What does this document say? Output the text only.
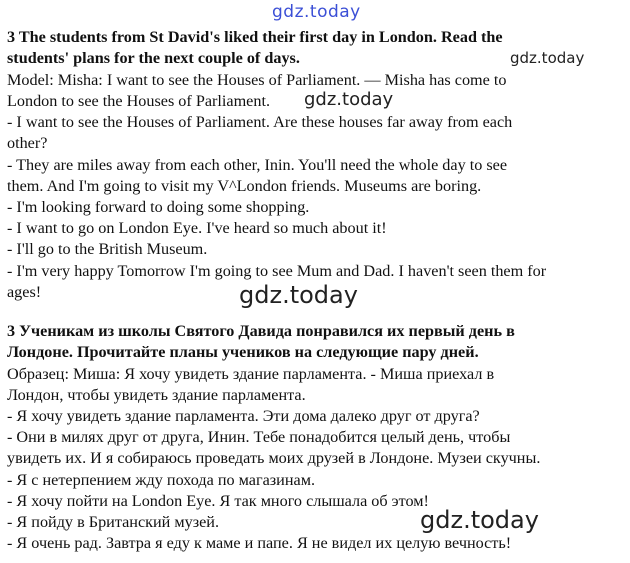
gdz.today
3 The students from St David's liked their first day in London. Read the
students' plans for the next couple of days.	gdz.today
Model: Misha: I want to see the Houses of Parliament. — Misha has come to
London to see the Houses of Parliament. gdz.today
- I want to see the Houses of Parliament. Are these houses far away from each
other?
- They are miles away from each other, Inin. You'll need the whole day to see
them. And I'm going to visit my V^London friends. Museums are boring.
- I'm looking forward to doing some shopping.
- I want to go on London Eye. I've heard so much about it!
- I'll go to the British Museum.
- I'm very happy Tomorrow I'm going to see Mum and Dad. I haven't seen them for
ages!	gdz.today
3 Ученикам из школы Святого Давида понравился их первый день в
Лондоне. Прочитайте планы учеников на следующие пару дней.
Образец: Миша: Я хочу увидеть здание парламента. - Миша приехал в
Лондон, чтобы увидеть здание парламента.
- Я хочу увидеть здание парламента. Эти дома далеко друг от друга?
- Они в милях друг от друга, Инин. Тебе понадобится целый день, чтобы
увидеть их. И я собираюсь проведать моих друзей в Лондоне. Музеи скучны.
- Я с нетерпением жду похода по магазинам.
- Я хочу пойти на London Eye. Я так много слышала об этом!
- Я пойду в Британский музей.	gdz.today
- Я очень рад. Завтра я еду к маме и папе. Я не видел их целую вечность!
